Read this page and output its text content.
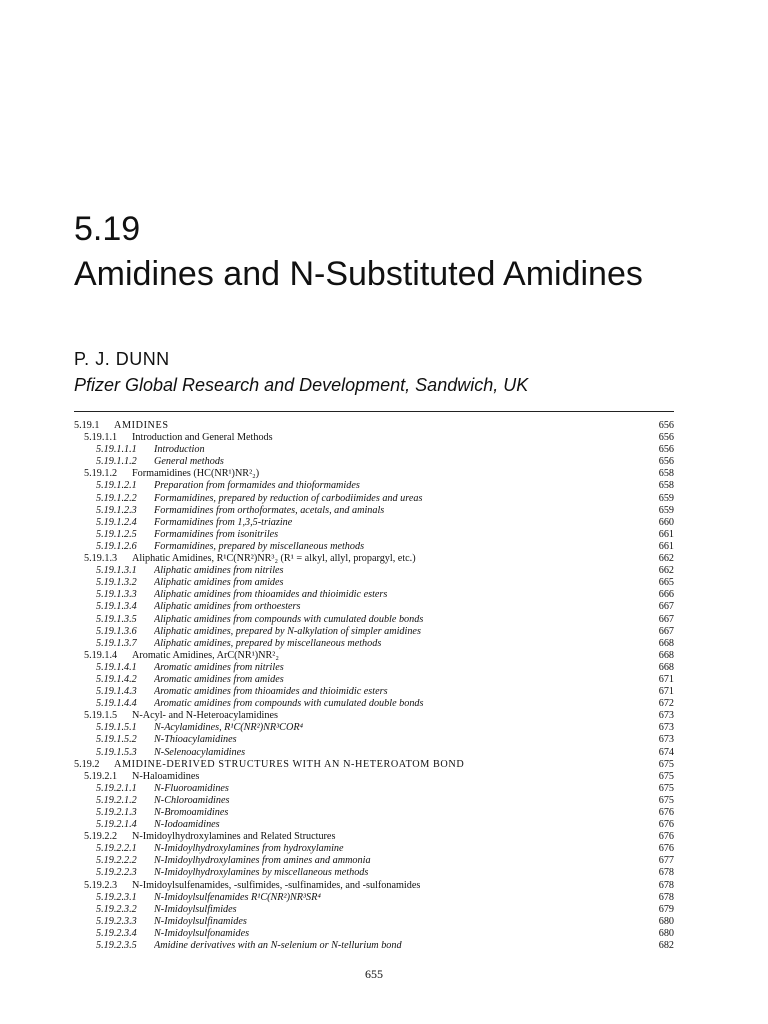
5.19
Amidines and N-Substituted Amidines
P. J. DUNN
Pfizer Global Research and Development, Sandwich, UK
5.19.1	AMIDINES	656
5.19.1.1	Introduction and General Methods	656
5.19.1.1.1	Introduction	656
5.19.1.1.2	General methods	656
5.19.1.2	Formamidines (HC(NR¹)NR²₂)	658
5.19.1.2.1	Preparation from formamides and thioformamides	658
5.19.1.2.2	Formamidines, prepared by reduction of carbodiimides and ureas	659
5.19.1.2.3	Formamidines from orthoformates, acetals, and aminals	659
5.19.1.2.4	Formamidines from 1,3,5-triazine	660
5.19.1.2.5	Formamidines from isonitriles	661
5.19.1.2.6	Formamidines, prepared by miscellaneous methods	661
5.19.1.3	Aliphatic Amidines, R¹C(NR²)NR³₂ (R¹ = alkyl, allyl, propargyl, etc.)	662
5.19.1.3.1	Aliphatic amidines from nitriles	662
5.19.1.3.2	Aliphatic amidines from amides	665
5.19.1.3.3	Aliphatic amidines from thioamides and thioimidic esters	666
5.19.1.3.4	Aliphatic amidines from orthoesters	667
5.19.1.3.5	Aliphatic amidines from compounds with cumulated double bonds	667
5.19.1.3.6	Aliphatic amidines, prepared by N-alkylation of simpler amidines	667
5.19.1.3.7	Aliphatic amidines, prepared by miscellaneous methods	668
5.19.1.4	Aromatic Amidines, ArC(NR¹)NR²₂	668
5.19.1.4.1	Aromatic amidines from nitriles	668
5.19.1.4.2	Aromatic amidines from amides	671
5.19.1.4.3	Aromatic amidines from thioamides and thioimidic esters	671
5.19.1.4.4	Aromatic amidines from compounds with cumulated double bonds	672
5.19.1.5	N-Acyl- and N-Heteroacylamidines	673
5.19.1.5.1	N-Acylamidines, R¹C(NR²)NR³COR⁴	673
5.19.1.5.2	N-Thioacylamidines	673
5.19.1.5.3	N-Selenoacylamidines	674
5.19.2	AMIDINE-DERIVED STRUCTURES WITH AN N-HETEROATOM BOND	675
5.19.2.1	N-Haloamidines	675
5.19.2.1.1	N-Fluoroamidines	675
5.19.2.1.2	N-Chloroamidines	675
5.19.2.1.3	N-Bromoamidines	676
5.19.2.1.4	N-Iodoamidines	676
5.19.2.2	N-Imidoylhydroxylamines and Related Structures	676
5.19.2.2.1	N-Imidoylhydroxylamines from hydroxylamine	676
5.19.2.2.2	N-Imidoylhydroxylamines from amines and ammonia	677
5.19.2.2.3	N-Imidoylhydroxylamines by miscellaneous methods	678
5.19.2.3	N-Imidoylsulfenamides, -sulfimides, -sulfinamides, and -sulfonamides	678
5.19.2.3.1	N-Imidoylsulfenamides R¹C(NR²)NR³SR⁴	678
5.19.2.3.2	N-Imidoylsulfimides	679
5.19.2.3.3	N-Imidoylsulfinamides	680
5.19.2.3.4	N-Imidoylsulfonamides	680
5.19.2.3.5	Amidine derivatives with an N-selenium or N-tellurium bond	682
655
